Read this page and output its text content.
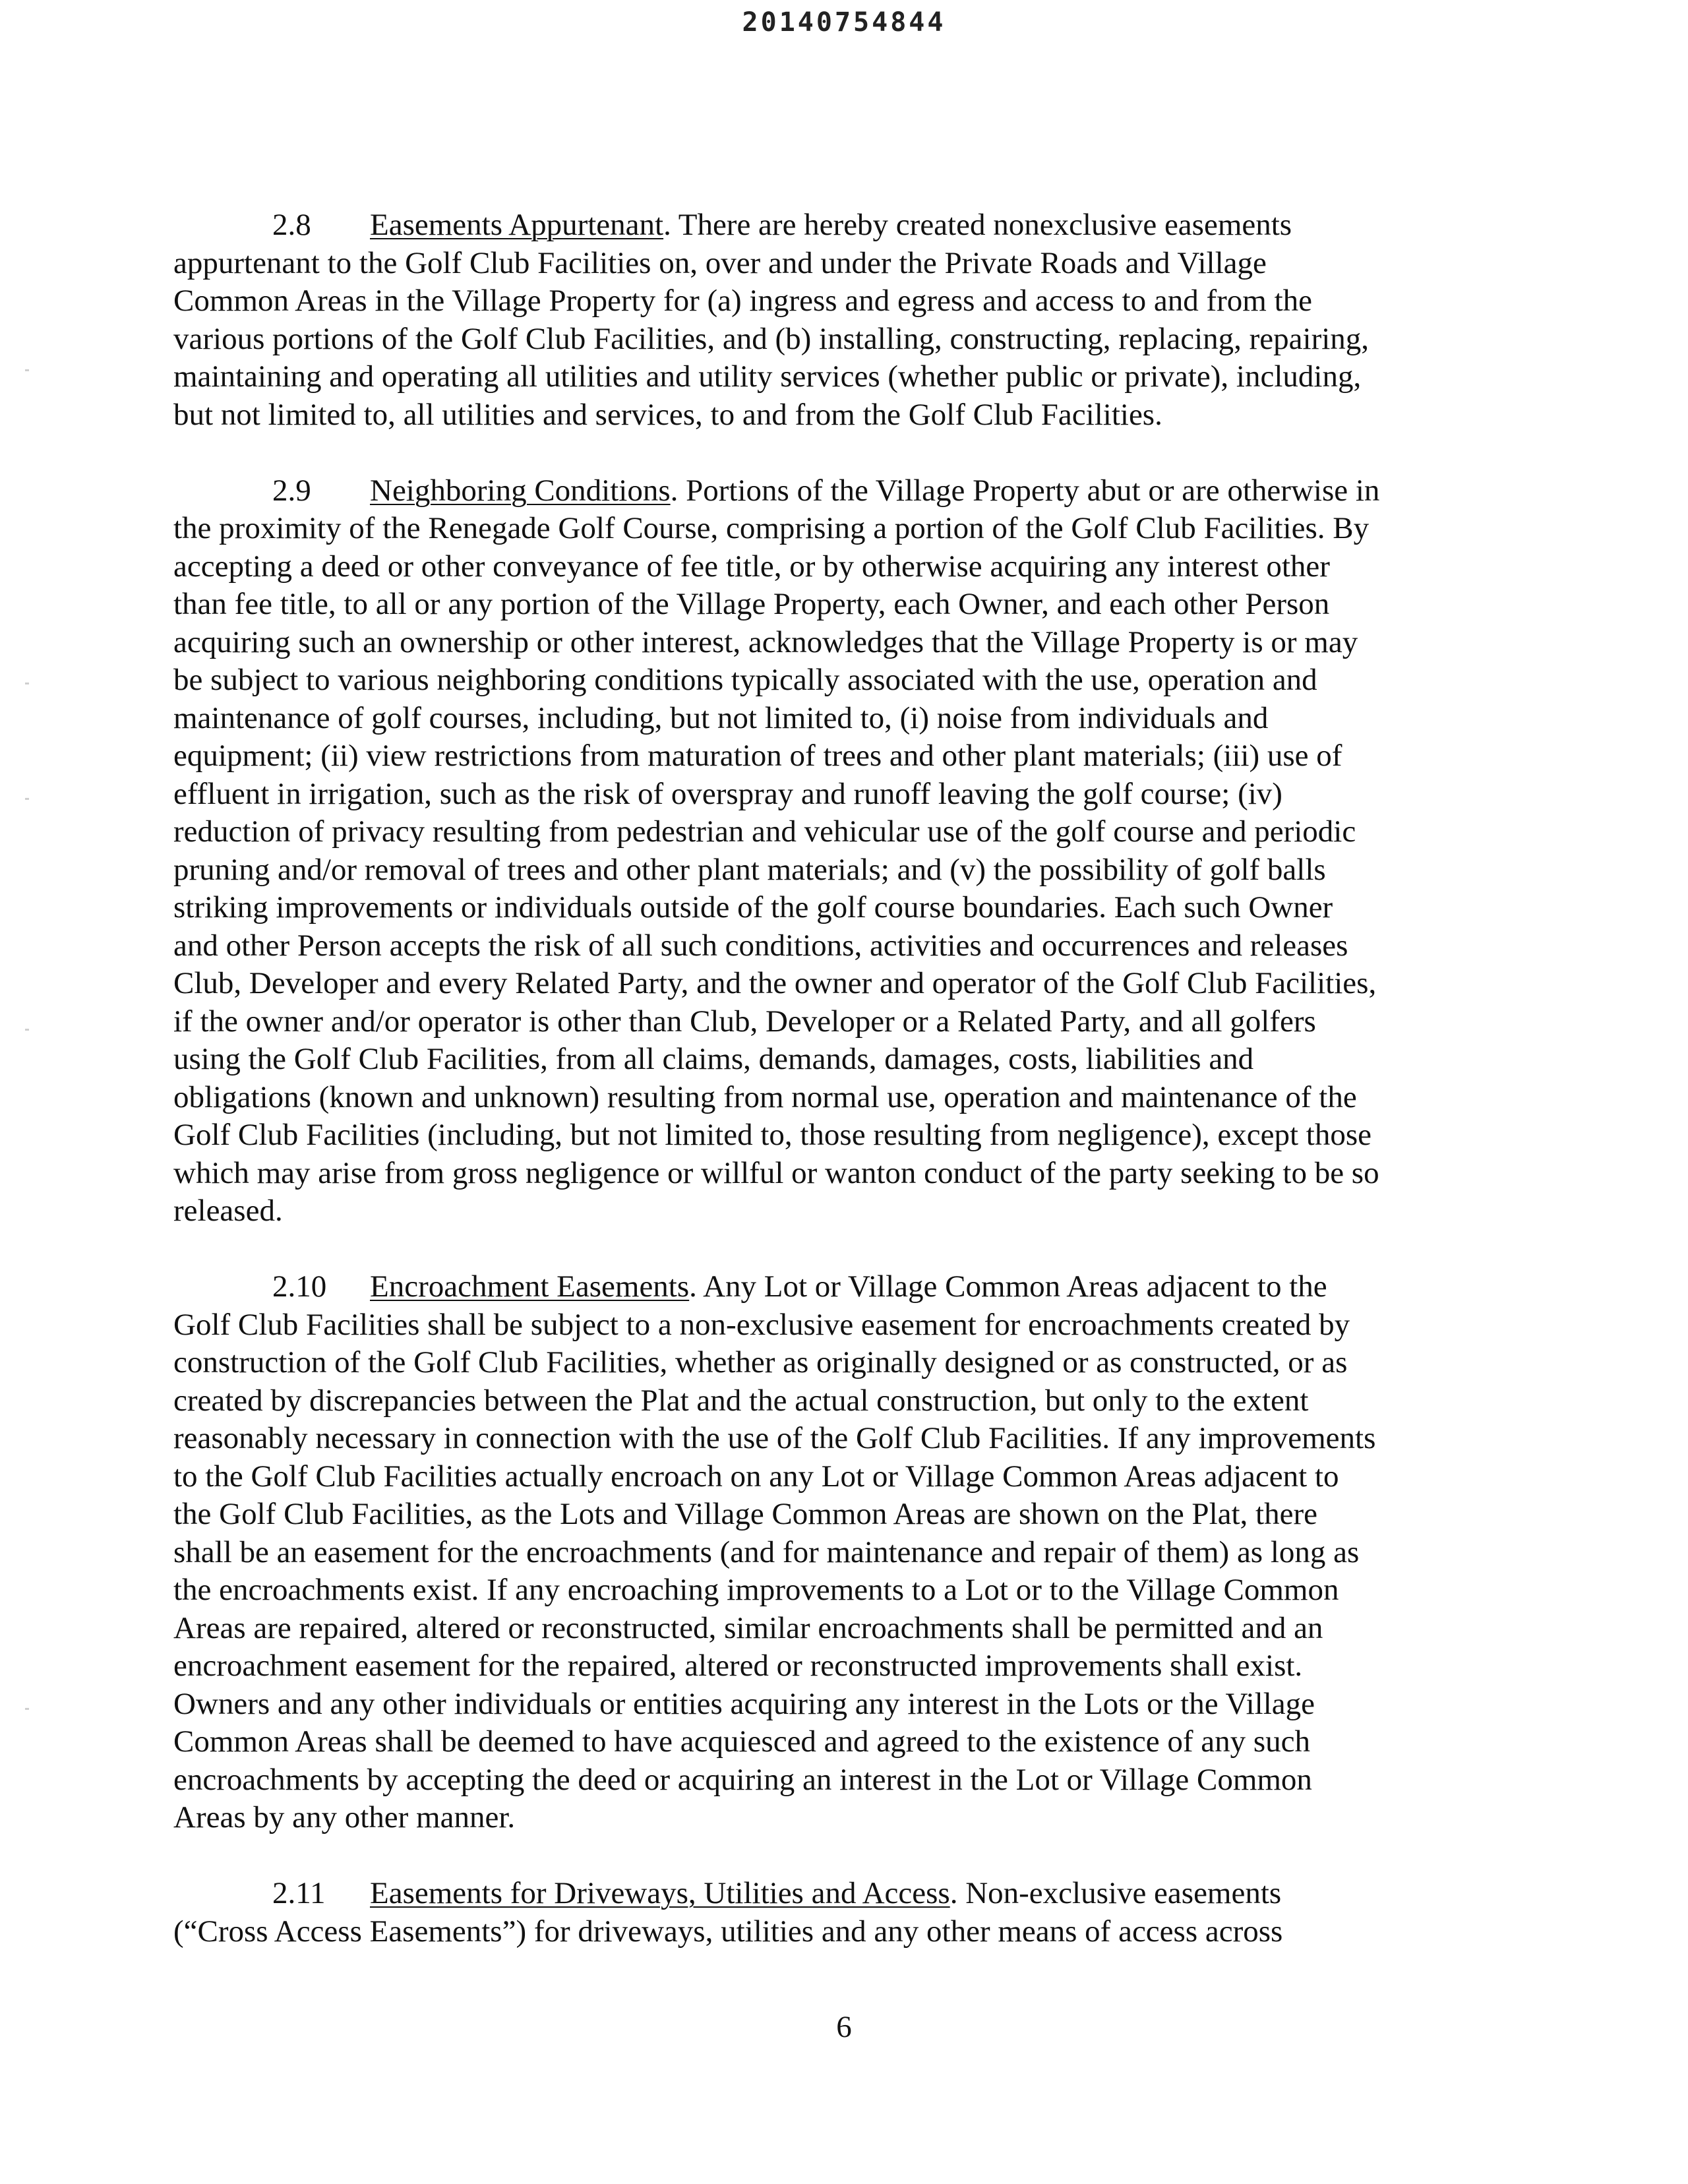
20140754844
2.8 Easements Appurtenant. There are hereby created nonexclusive easements
appurtenant to the Golf Club Facilities on, over and under the Private Roads and Village
Common Areas in the Village Property for (a) ingress and egress and access to and from the
various portions of the Golf Club Facilities, and (b) installing, constructing, replacing, repairing,
maintaining and operating all utilities and utility services (whether public or private), including,
but not limited to, all utilities and services, to and from the Golf Club Facilities.
2.9 Neighboring Conditions. Portions of the Village Property abut or are otherwise in
the proximity of the Renegade Golf Course, comprising a portion of the Golf Club Facilities. By
accepting a deed or other conveyance of fee title, or by otherwise acquiring any interest other
than fee title, to all or any portion of the Village Property, each Owner, and each other Person
acquiring such an ownership or other interest, acknowledges that the Village Property is or may
be subject to various neighboring conditions typically associated with the use, operation and
maintenance of golf courses, including, but not limited to, (i) noise from individuals and
equipment; (ii) view restrictions from maturation of trees and other plant materials; (iii) use of
effluent in irrigation, such as the risk of overspray and runoff leaving the golf course; (iv)
reduction of privacy resulting from pedestrian and vehicular use of the golf course and periodic
pruning and/or removal of trees and other plant materials; and (v) the possibility of golf balls
striking improvements or individuals outside of the golf course boundaries. Each such Owner
and other Person accepts the risk of all such conditions, activities and occurrences and releases
Club, Developer and every Related Party, and the owner and operator of the Golf Club Facilities,
if the owner and/or operator is other than Club, Developer or a Related Party, and all golfers
using the Golf Club Facilities, from all claims, demands, damages, costs, liabilities and
obligations (known and unknown) resulting from normal use, operation and maintenance of the
Golf Club Facilities (including, but not limited to, those resulting from negligence), except those
which may arise from gross negligence or willful or wanton conduct of the party seeking to be so
released.
2.10 Encroachment Easements. Any Lot or Village Common Areas adjacent to the
Golf Club Facilities shall be subject to a non-exclusive easement for encroachments created by
construction of the Golf Club Facilities, whether as originally designed or as constructed, or as
created by discrepancies between the Plat and the actual construction, but only to the extent
reasonably necessary in connection with the use of the Golf Club Facilities. If any improvements
to the Golf Club Facilities actually encroach on any Lot or Village Common Areas adjacent to
the Golf Club Facilities, as the Lots and Village Common Areas are shown on the Plat, there
shall be an easement for the encroachments (and for maintenance and repair of them) as long as
the encroachments exist. If any encroaching improvements to a Lot or to the Village Common
Areas are repaired, altered or reconstructed, similar encroachments shall be permitted and an
encroachment easement for the repaired, altered or reconstructed improvements shall exist.
Owners and any other individuals or entities acquiring any interest in the Lots or the Village
Common Areas shall be deemed to have acquiesced and agreed to the existence of any such
encroachments by accepting the deed or acquiring an interest in the Lot or Village Common
Areas by any other manner.
2.11 Easements for Driveways, Utilities and Access. Non-exclusive easements
(“Cross Access Easements”) for driveways, utilities and any other means of access across
6
